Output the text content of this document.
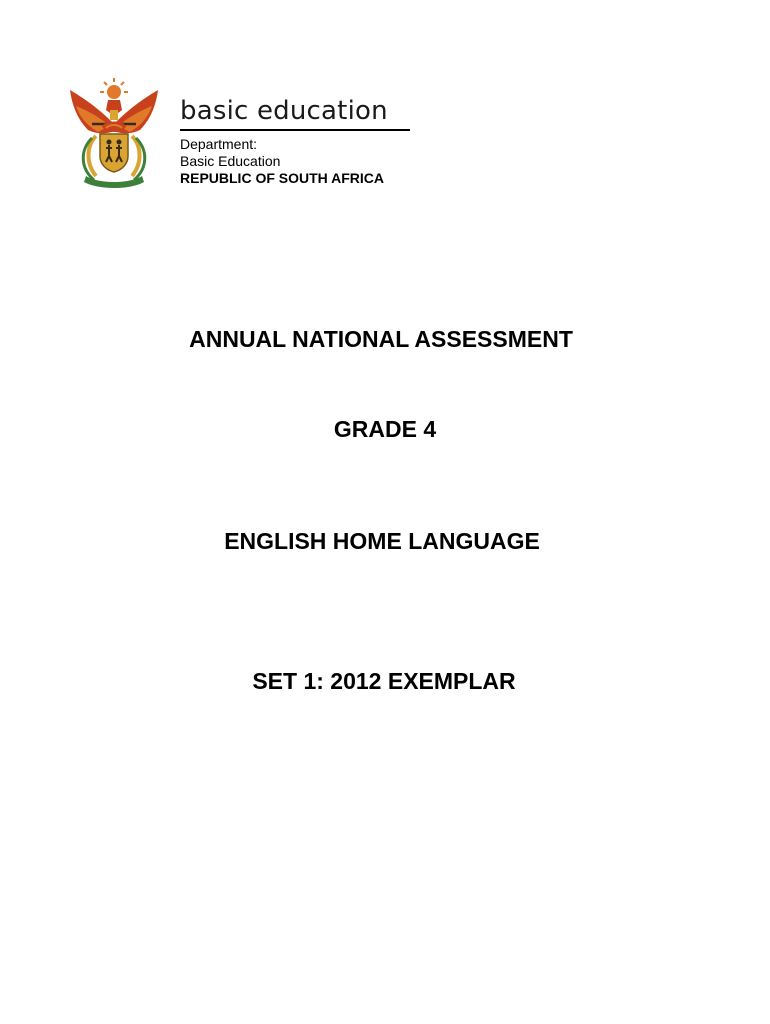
basic education
Department:
Basic Education
REPUBLIC OF SOUTH AFRICA
ANNUAL NATIONAL ASSESSMENT
GRADE 4
ENGLISH HOME LANGUAGE
SET 1: 2012 EXEMPLAR
